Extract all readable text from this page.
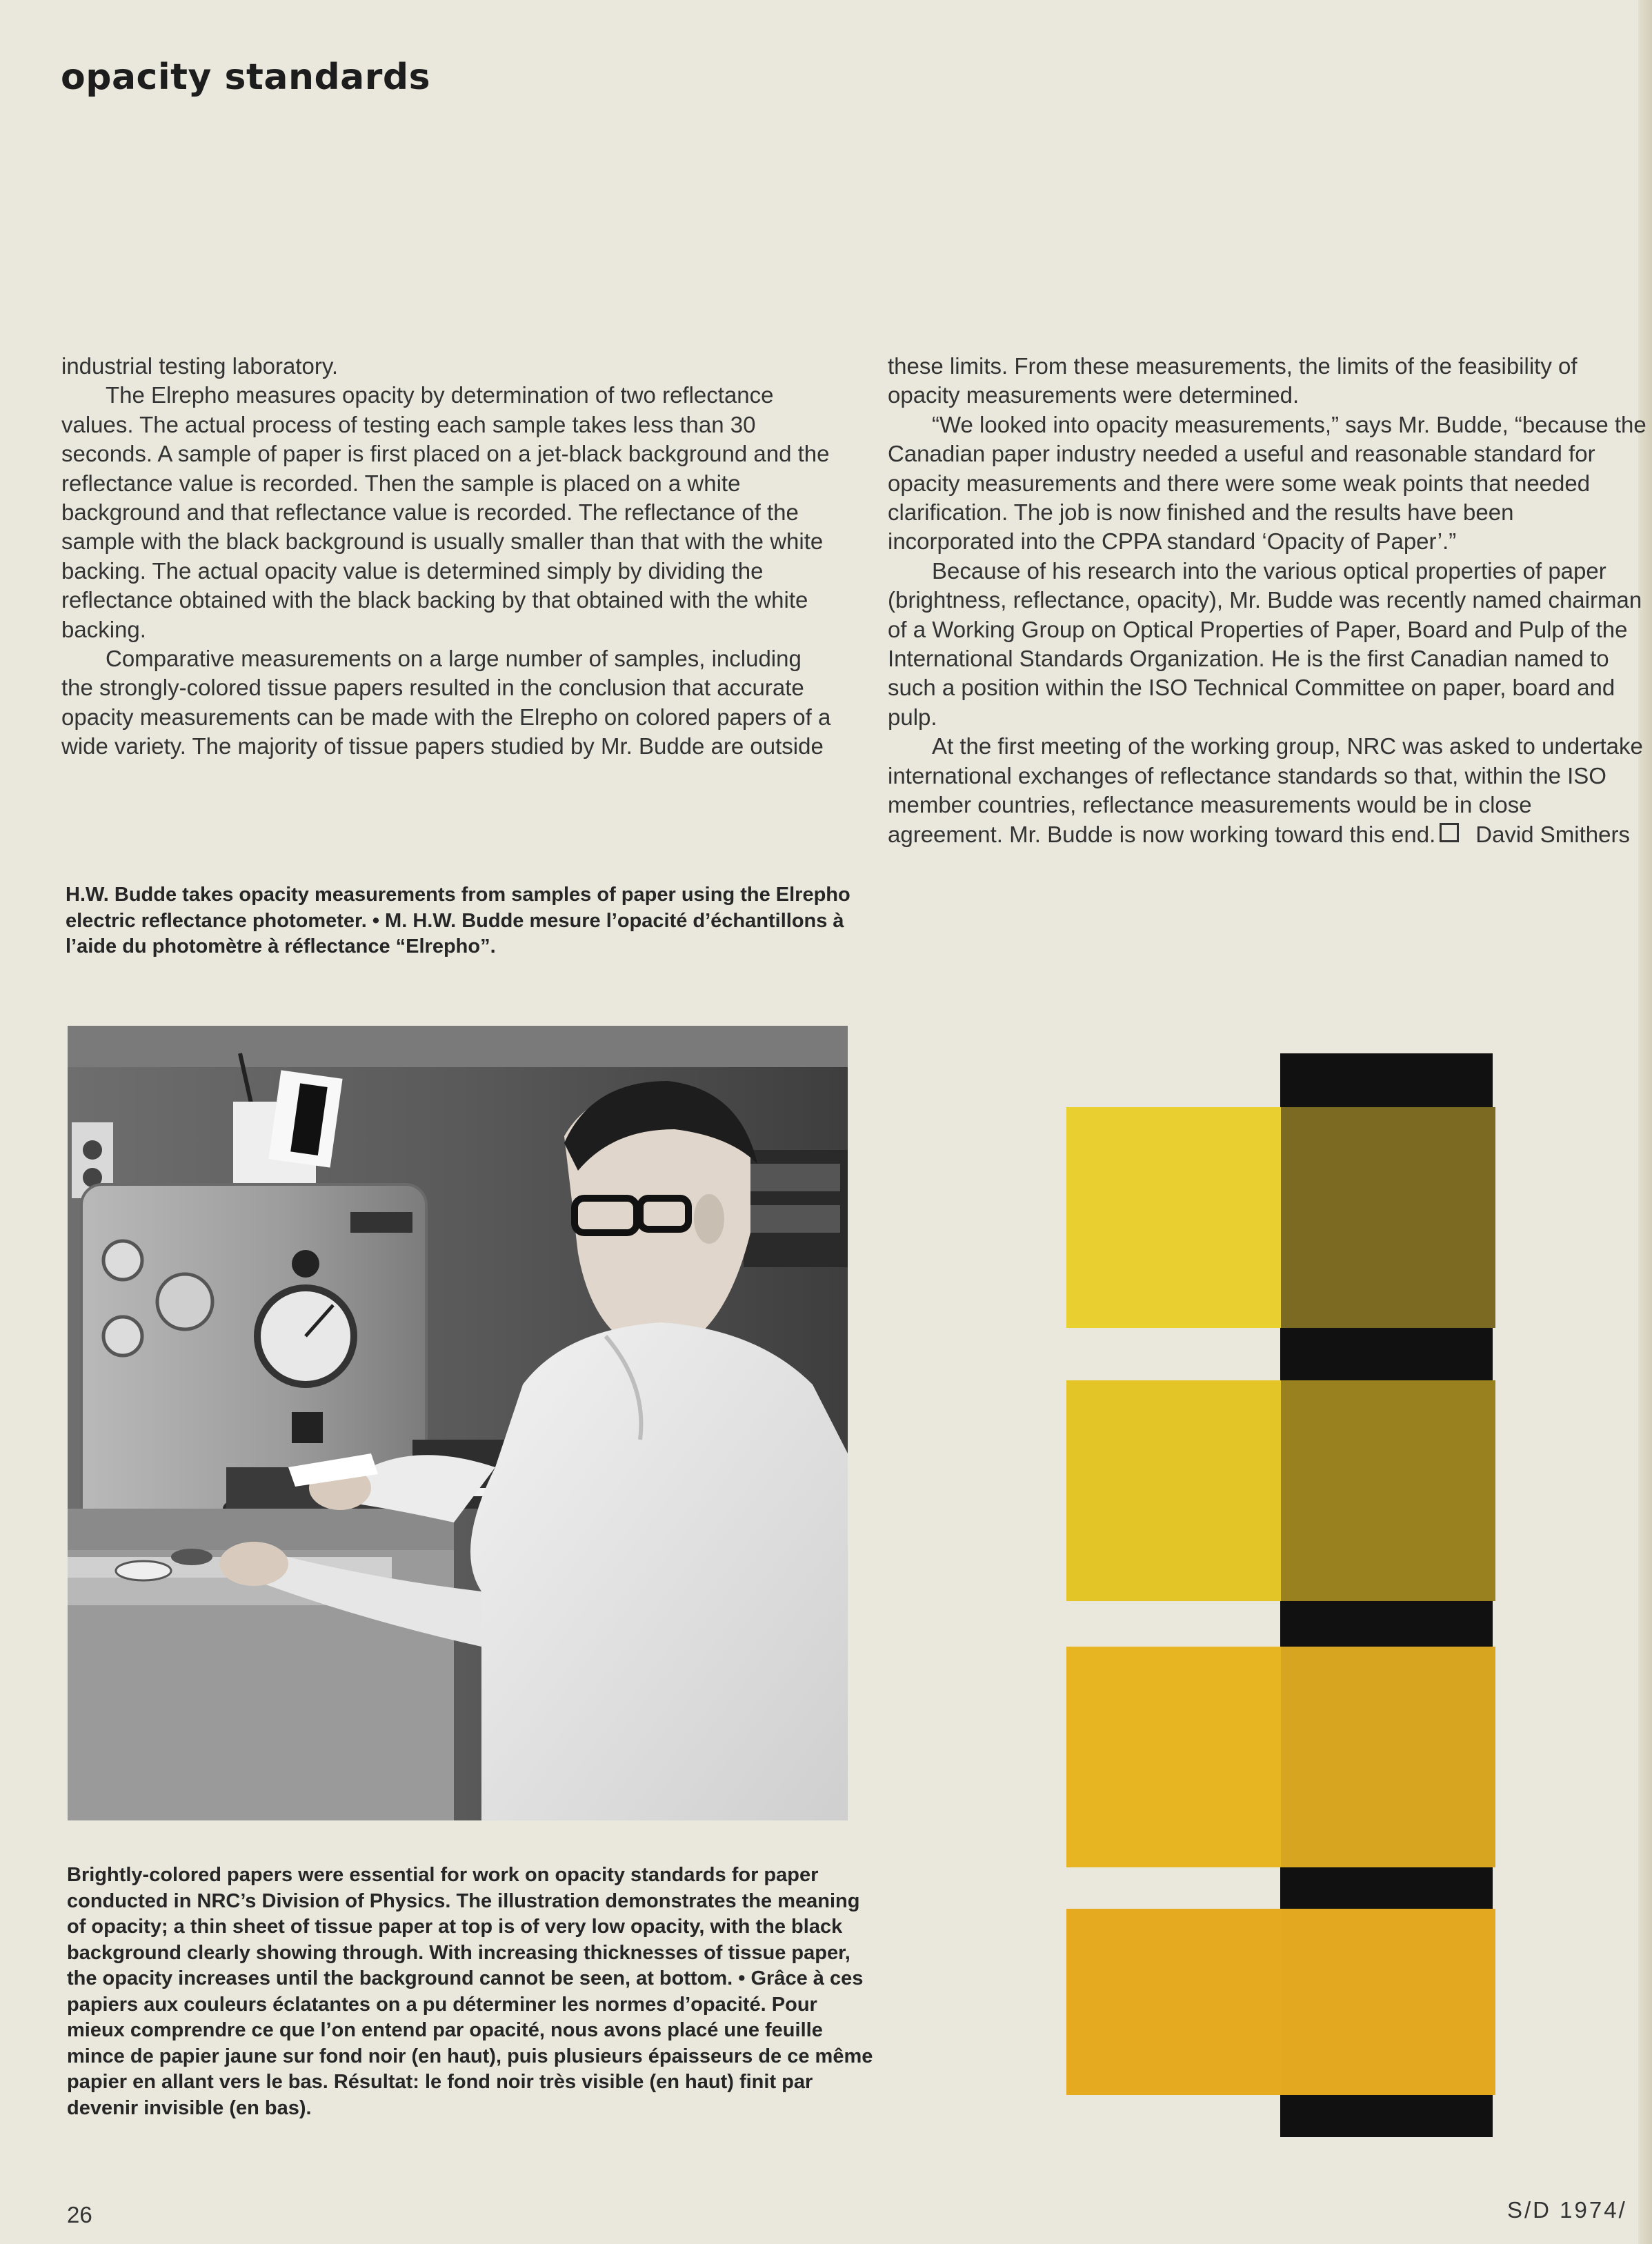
opacity standards

industrial testing laboratory.

The Elrepho measures opacity by determination of two reflectance values. The actual process of testing each sample takes less than 30 seconds. A sample of paper is first placed on a jet-black background and the reflectance value is recorded. Then the sample is placed on a white background and that reflectance value is recorded. The reflectance of the sample with the black background is usually smaller than that with the white backing. The actual opacity value is determined simply by dividing the reflectance obtained with the black backing by that obtained with the white backing.

Comparative measurements on a large number of samples, including the strongly-colored tissue papers resulted in the conclusion that accurate opacity measurements can be made with the Elrepho on colored papers of a wide variety. The majority of tissue papers studied by Mr. Budde are outside

these limits. From these measurements, the limits of the feasibility of opacity measurements were determined.

“We looked into opacity measurements,” says Mr. Budde, “because the Canadian paper industry needed a useful and reasonable standard for opacity measurements and there were some weak points that needed clarification. The job is now finished and the results have been incorporated into the CPPA standard ‘Opacity of Paper’.”

Because of his research into the various optical properties of paper (brightness, reflectance, opacity), Mr. Budde was recently named chairman of a Working Group on Optical Properties of Paper, Board and Pulp of the International Standards Organization. He is the first Canadian named to such a position within the ISO Technical Committee on paper, board and pulp.

At the first meeting of the working group, NRC was asked to undertake international exchanges of reflectance standards so that, within the ISO member countries, reflectance measurements would be in close agreement. Mr. Budde is now working toward this end. David Smithers

H.W. Budde takes opacity measurements from samples of paper using the Elrepho electric reflectance photometer. • M. H.W. Budde mesure l’opacité d’échantillons à l’aide du photomètre à réflectance “Elrepho”.

Brightly-colored papers were essential for work on opacity standards for paper conducted in NRC’s Division of Physics. The illustration demonstrates the meaning of opacity; a thin sheet of tissue paper at top is of very low opacity, with the black background clearly showing through. With increasing thicknesses of tissue paper, the opacity increases until the background cannot be seen, at bottom. • Grâce à ces papiers aux couleurs éclatantes on a pu déterminer les normes d’opacité. Pour mieux comprendre ce que l’on entend par opacité, nous avons placé une feuille mince de papier jaune sur fond noir (en haut), puis plusieurs épaisseurs de ce même papier en allant vers le bas. Résultat: le fond noir très visible (en haut) finit par devenir invisible (en bas).

26	S/D 1974/
